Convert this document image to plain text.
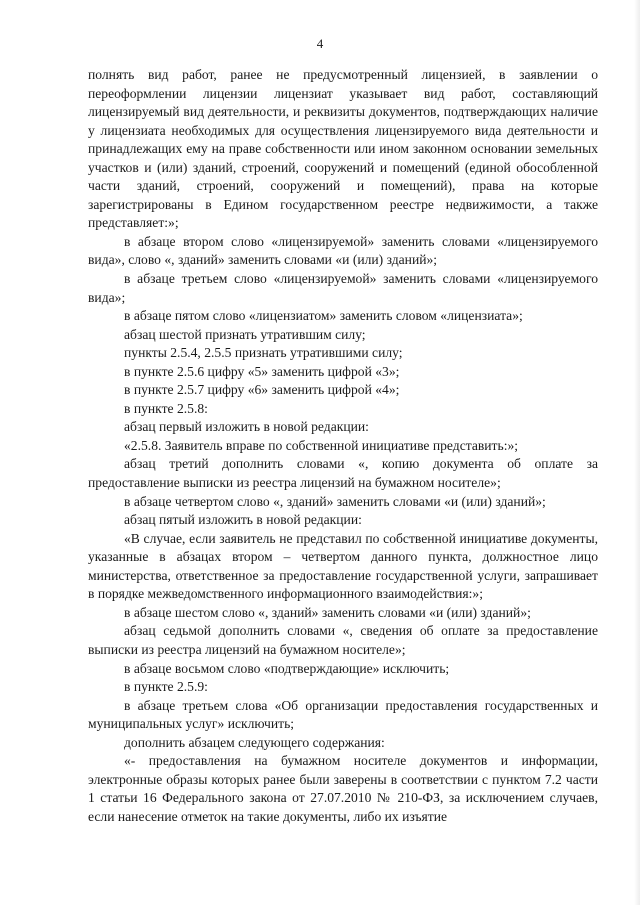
4

полнять вид работ, ранее не предусмотренный лицензией, в заявлении о переоформлении лицензии лицензиат указывает вид работ, составляющий лицензируемый вид деятельности, и реквизиты документов, подтверждающих наличие у лицензиата необходимых для осуществления лицензируемого вида деятельности и принадлежащих ему на праве собственности или ином законном основании земельных участков и (или) зданий, строений, сооружений и помещений (единой обособленной части зданий, строений, сооружений и помещений), права на которые зарегистрированы в Едином государственном реестре недвижимости, а также представляет:»;

в абзаце втором слово «лицензируемой» заменить словами «лицензируемого вида», слово «, зданий» заменить словами «и (или) зданий»;

в абзаце третьем слово «лицензируемой» заменить словами «лицензируемого вида»;

в абзаце пятом слово «лицензиатом» заменить словом «лицензиата»;

абзац шестой признать утратившим силу;

пункты 2.5.4, 2.5.5 признать утратившими силу;

в пункте 2.5.6 цифру «5» заменить цифрой «3»;

в пункте 2.5.7 цифру «6» заменить цифрой «4»;

в пункте 2.5.8:

абзац первый изложить в новой редакции:

«2.5.8. Заявитель вправе по собственной инициативе представить:»;

абзац третий дополнить словами «, копию документа об оплате за предоставление выписки из реестра лицензий на бумажном носителе»;

в абзаце четвертом слово «, зданий» заменить словами «и (или) зданий»;

абзац пятый изложить в новой редакции:

«В случае, если заявитель не представил по собственной инициативе документы, указанные в абзацах втором – четвертом данного пункта, должностное лицо министерства, ответственное за предоставление государственной услуги, запрашивает в порядке межведомственного информационного взаимодействия:»;

в абзаце шестом слово «, зданий» заменить словами «и (или) зданий»;

абзац седьмой дополнить словами «, сведения об оплате за предоставление выписки из реестра лицензий на бумажном носителе»;

в абзаце восьмом слово «подтверждающие» исключить;

в пункте 2.5.9:

в абзаце третьем слова «Об организации предоставления государственных и муниципальных услуг» исключить;

дополнить абзацем следующего содержания:

«- предоставления на бумажном носителе документов и информации, электронные образы которых ранее были заверены в соответствии с пунктом 7.2 части 1 статьи 16 Федерального закона от 27.07.2010 № 210-ФЗ, за исключением случаев, если нанесение отметок на такие документы, либо их изъятие
